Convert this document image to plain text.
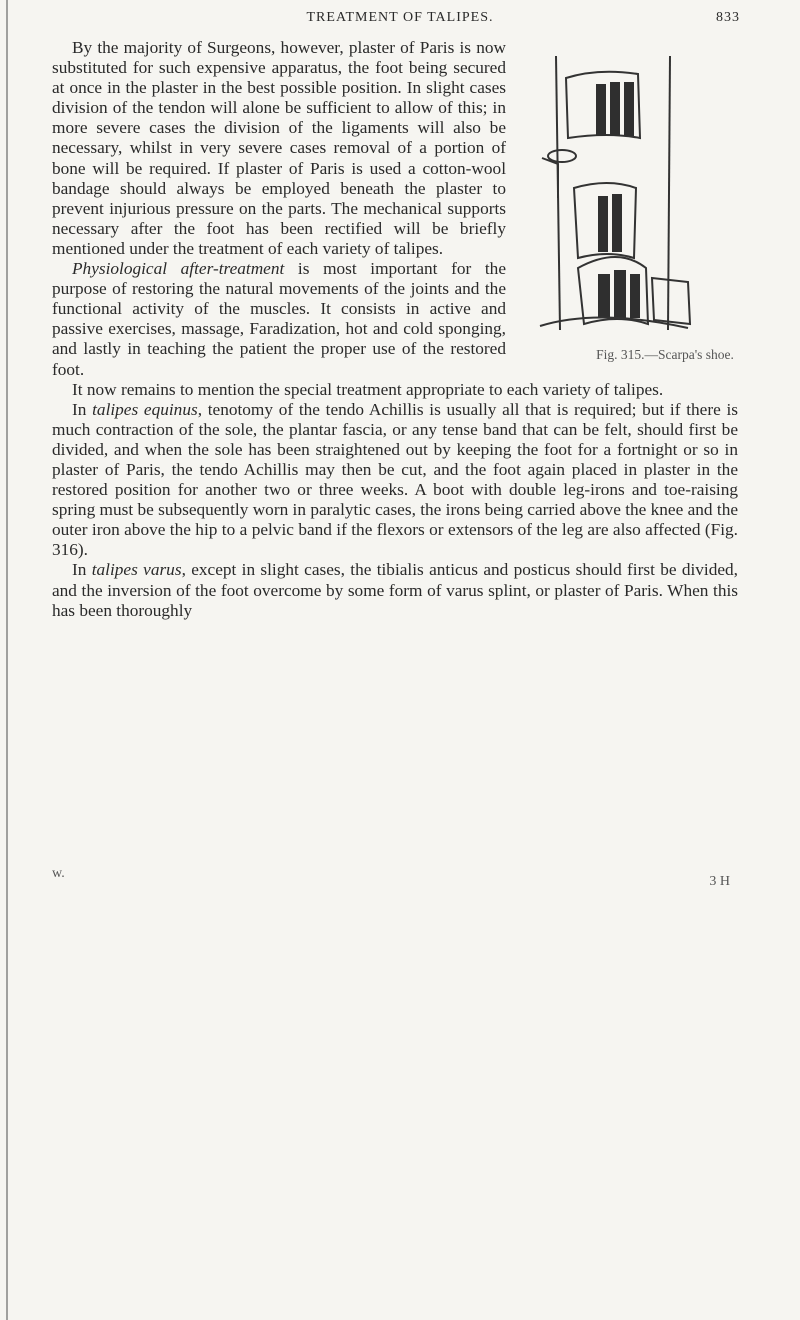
TREATMENT OF TALIPES.	833

Fig. 315.—Scarpa's shoe.
By the majority of Surgeons, however, plaster of Paris is now substituted for such expensive apparatus, the foot being secured at once in the plaster in the best possible position. In slight cases division of the tendon will alone be sufficient to allow of this; in more severe cases the division of the ligaments will also be necessary, whilst in very severe cases removal of a portion of bone will be required. If plaster of Paris is used a cotton-wool bandage should always be employed beneath the plaster to prevent injurious pressure on the parts. The mechanical supports necessary after the foot has been rectified will be briefly mentioned under the treatment of each variety of talipes.

Physiological after-treatment is most important for the purpose of restoring the natural movements of the joints and the functional activity of the muscles. It consists in active and passive exercises, massage, Faradization, hot and cold sponging, and lastly in teaching the patient the proper use of the restored foot.

It now remains to mention the special treatment appropriate to each variety of talipes.

In talipes equinus, tenotomy of the tendo Achillis is usually all that is required; but if there is much contraction of the sole, the plantar fascia, or any tense band that can be felt, should first be divided, and when the sole has been straightened out by keeping the foot for a fortnight or so in plaster of Paris, the tendo Achillis may then be cut, and the foot again placed in plaster in the restored position for another two or three weeks. A boot with double leg-irons and toe-raising spring must be subsequently worn in paralytic cases, the irons being carried above the knee and the outer iron above the hip to a pelvic band if the flexors or extensors of the leg are also affected (Fig. 316).

In talipes varus, except in slight cases, the tibialis anticus and posticus should first be divided, and the inversion of the foot overcome by some form of varus splint, or plaster of Paris. When this has been thoroughly

w.
3 H
